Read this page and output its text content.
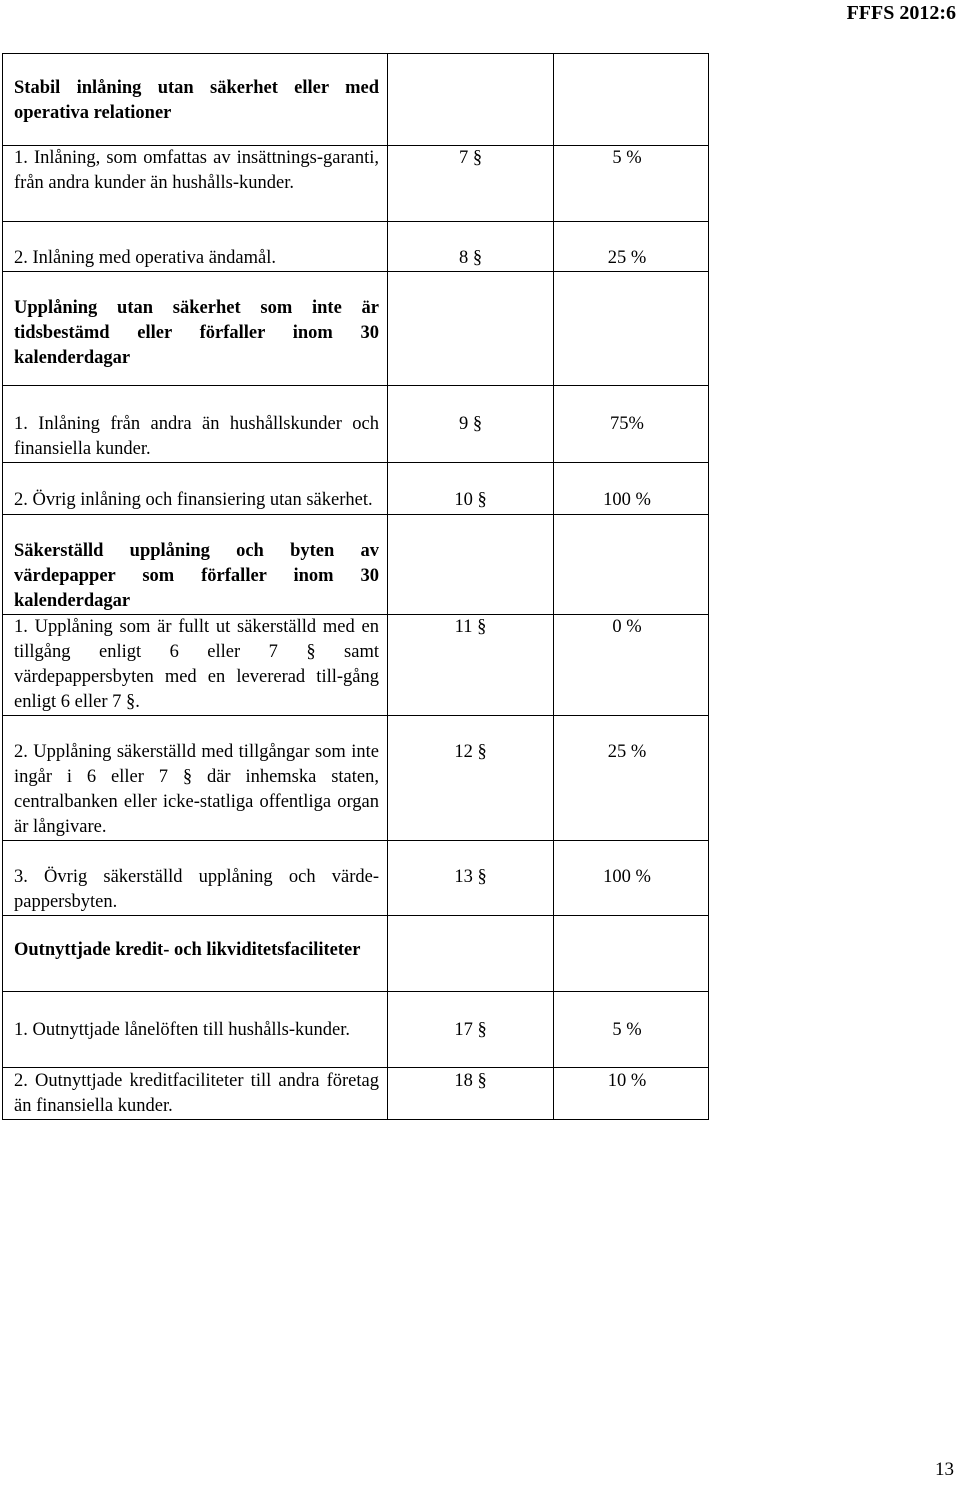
FFFS 2012:6
Stabil inlåning utan säkerhet eller med operativa relationer		

1. Inlåning, som omfattas av insättnings-garanti, från andra kunder än hushålls-kunder.	7 §	5 %

2. Inlåning med operativa ändamål.	8 §	25 %

Upplåning utan säkerhet som inte är tidsbestämd eller förfaller inom 30 kalenderdagar		

1. Inlåning från andra än hushållskunder och finansiella kunder.	9 §	75%

2. Övrig inlåning och finansiering utan säkerhet.	10 §	100 %

Säkerställd upplåning och byten av värdepapper som förfaller inom 30 kalenderdagar		

1. Upplåning som är fullt ut säkerställd med en tillgång enligt 6 eller 7 § samt värdepappersbyten med en levererad till-gång enligt 6 eller 7 §.	11 §	0 %

2. Upplåning säkerställd med tillgångar som inte ingår i 6 eller 7 § där inhemska staten, centralbanken eller icke-statliga offentliga organ är långivare.	12 §	25 %

3. Övrig säkerställd upplåning och värde-pappersbyten.	13 §	100 %

Outnyttjade kredit- och likviditetsfaciliteter		

1. Outnyttjade lånelöften till hushålls-kunder.	17 §	5 %

2. Outnyttjade kreditfaciliteter till andra företag än finansiella kunder.	18 §	10 %
13
